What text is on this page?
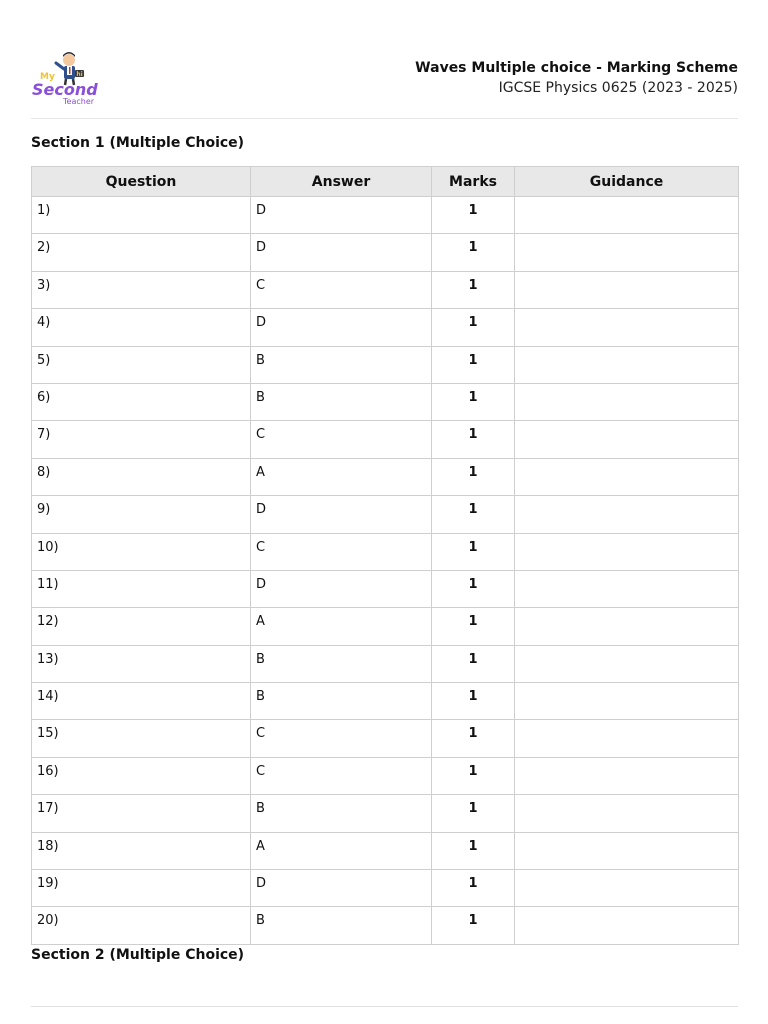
hi
My
Second
Teacher
Waves Multiple choice - Marking Scheme
IGCSE Physics 0625 (2023 - 2025)
Section 1 (Multiple Choice)
Question	Answer	Marks	Guidance
1)	D	1	
2)	D	1	
3)	C	1	
4)	D	1	
5)	B	1	
6)	B	1	
7)	C	1	
8)	A	1	
9)	D	1	
10)	C	1	
11)	D	1	
12)	A	1	
13)	B	1	
14)	B	1	
15)	C	1	
16)	C	1	
17)	B	1	
18)	A	1	
19)	D	1	
20)	B	1	
Section 2 (Multiple Choice)
